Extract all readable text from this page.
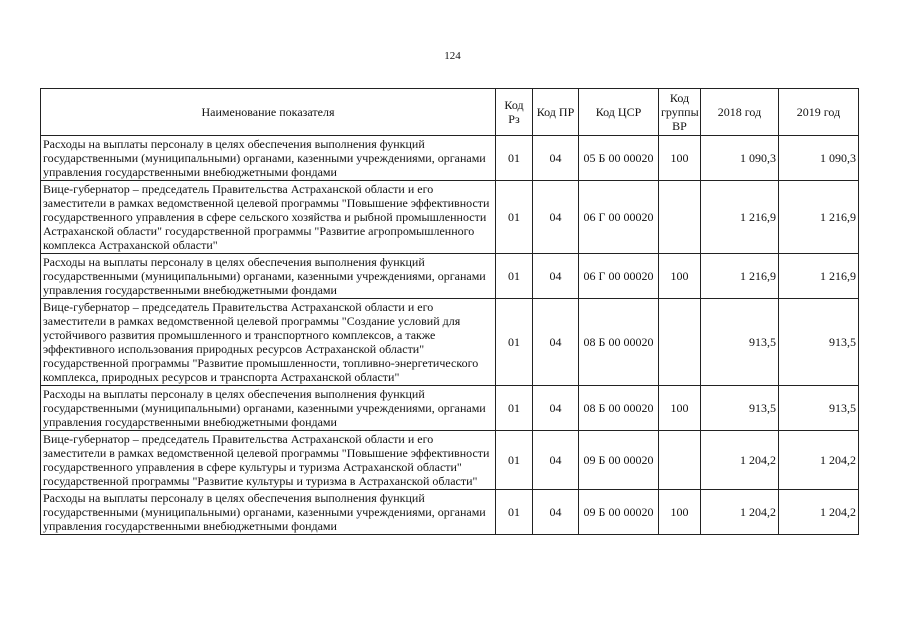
124
Наименование показателя	Код Рз	Код ПР	Код ЦСР	Код группы ВР	2018 год	2019 год
Расходы на выплаты персоналу в целях обеспечения выполнения функций государственными (муниципальными) органами, казенными учреждениями, органами управления государственными внебюджетными фондами	01	04	05 Б 00 00020	100	1 090,3	1 090,3
Вице-губернатор – председатель Правительства Астраханской области и его заместители в рамках ведомственной целевой программы "Повышение эффективности государственного управления в сфере сельского хозяйства и рыбной промышленности Астраханской области" государственной программы "Развитие агропромышленного комплекса Астраханской области"	01	04	06 Г 00 00020		1 216,9	1 216,9
Расходы на выплаты персоналу в целях обеспечения выполнения функций государственными (муниципальными) органами, казенными учреждениями, органами управления государственными внебюджетными фондами	01	04	06 Г 00 00020	100	1 216,9	1 216,9
Вице-губернатор – председатель Правительства Астраханской области и его заместители в рамках ведомственной целевой программы "Создание условий для устойчивого развития промышленного и транспортного комплексов, а также эффективного использования природных ресурсов Астраханской области" государственной программы "Развитие промышленности, топливно-энергетического комплекса, природных ресурсов и транспорта Астраханской области"	01	04	08 Б 00 00020		913,5	913,5
Расходы на выплаты персоналу в целях обеспечения выполнения функций государственными (муниципальными) органами, казенными учреждениями, органами управления государственными внебюджетными фондами	01	04	08 Б 00 00020	100	913,5	913,5
Вице-губернатор – председатель Правительства Астраханской области и его заместители в рамках ведомственной целевой программы "Повышение эффективности государственного управления в сфере культуры и туризма Астраханской области" государственной программы "Развитие культуры и туризма в Астраханской области"	01	04	09 Б 00 00020		1 204,2	1 204,2
Расходы на выплаты персоналу в целях обеспечения выполнения функций государственными (муниципальными) органами, казенными учреждениями, органами управления государственными внебюджетными фондами	01	04	09 Б 00 00020	100	1 204,2	1 204,2
